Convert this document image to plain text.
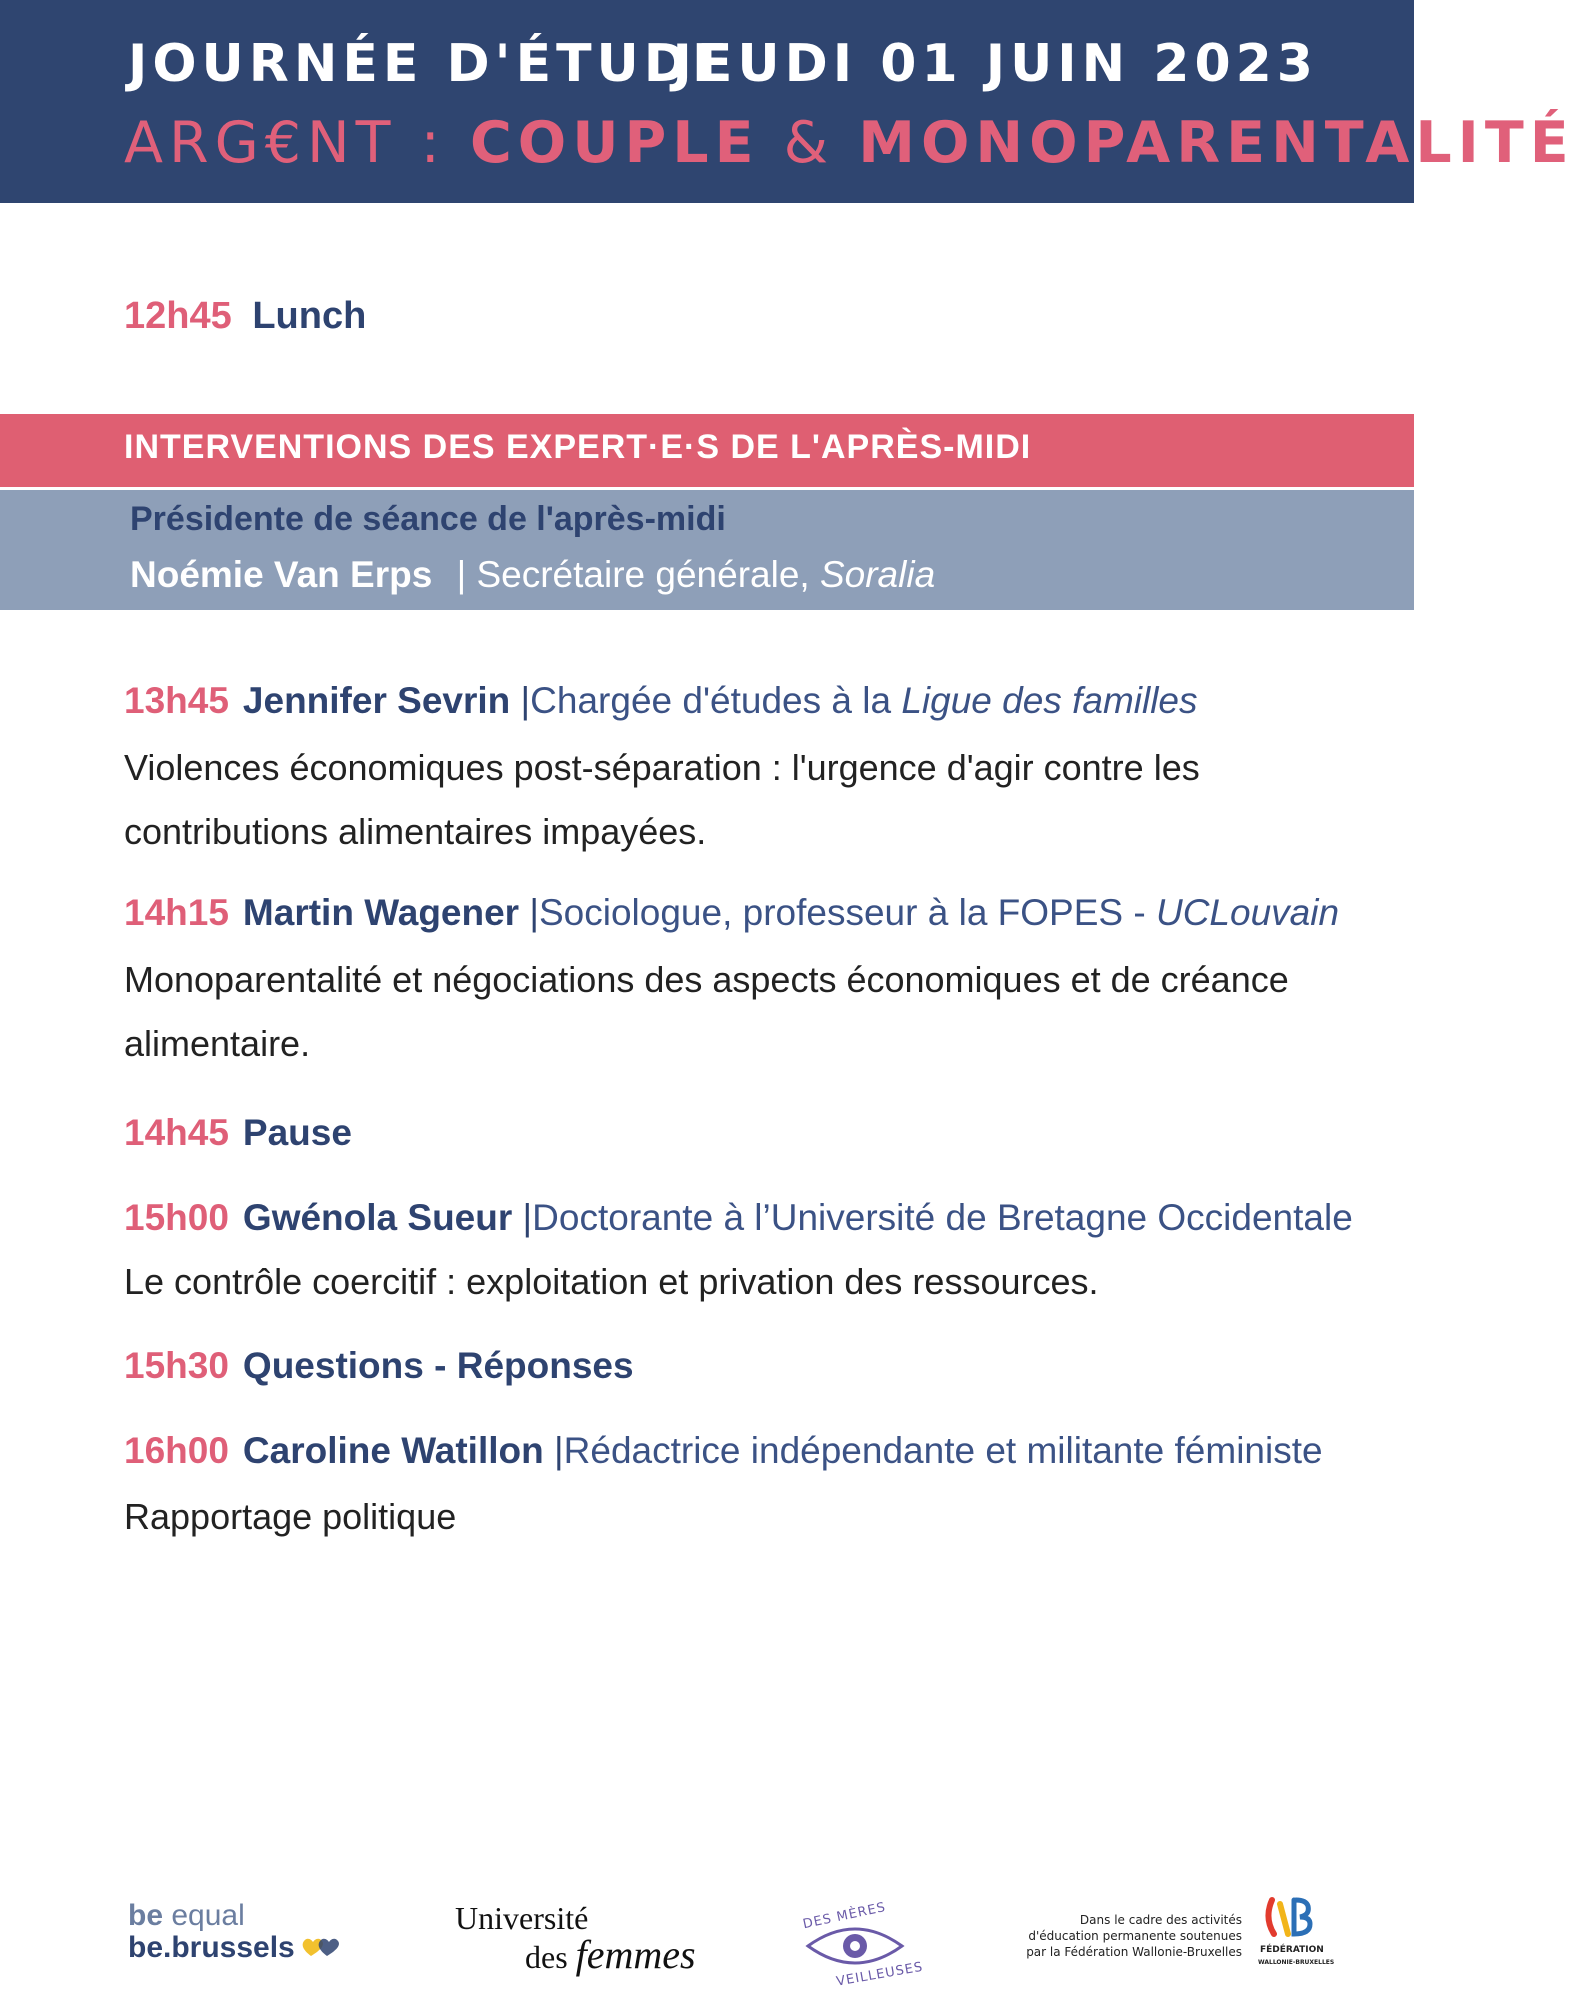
JOURNÉE D'ÉTUDE
JEUDI 01 JUIN 2023
ARG€NT : COUPLE & MONOPARENTALITÉ
12h45 Lunch
INTERVENTIONS DES EXPERT·E·S DE L'APRÈS-MIDI
Présidente de séance de l'après-midi
Noémie Van Erps | Secrétaire générale, Soralia
13h45 Jennifer Sevrin |Chargée d'études à la Ligue des familles
Violences économiques post-séparation : l'urgence d'agir contre les
contributions alimentaires impayées.
14h15 Martin Wagener |Sociologue, professeur à la FOPES - UCLouvain
Monoparentalité et négociations des aspects économiques et de créance
alimentaire.
14h45 Pause
15h00 Gwénola Sueur |Doctorante à l’Université de Bretagne Occidentale
Le contrôle coercitif : exploitation et privation des ressources.
15h30 Questions - Réponses
16h00 Caroline Watillon |Rédactrice indépendante et militante féministe
Rapportage politique
be equal
be.brussels
Université
des femmes
DES MÈRES
VEILLEUSES
Dans le cadre des activités
d'éducation permanente soutenues
par la Fédération Wallonie-Bruxelles FÉDÉRATION
WALLONIE-BRUXELLES
